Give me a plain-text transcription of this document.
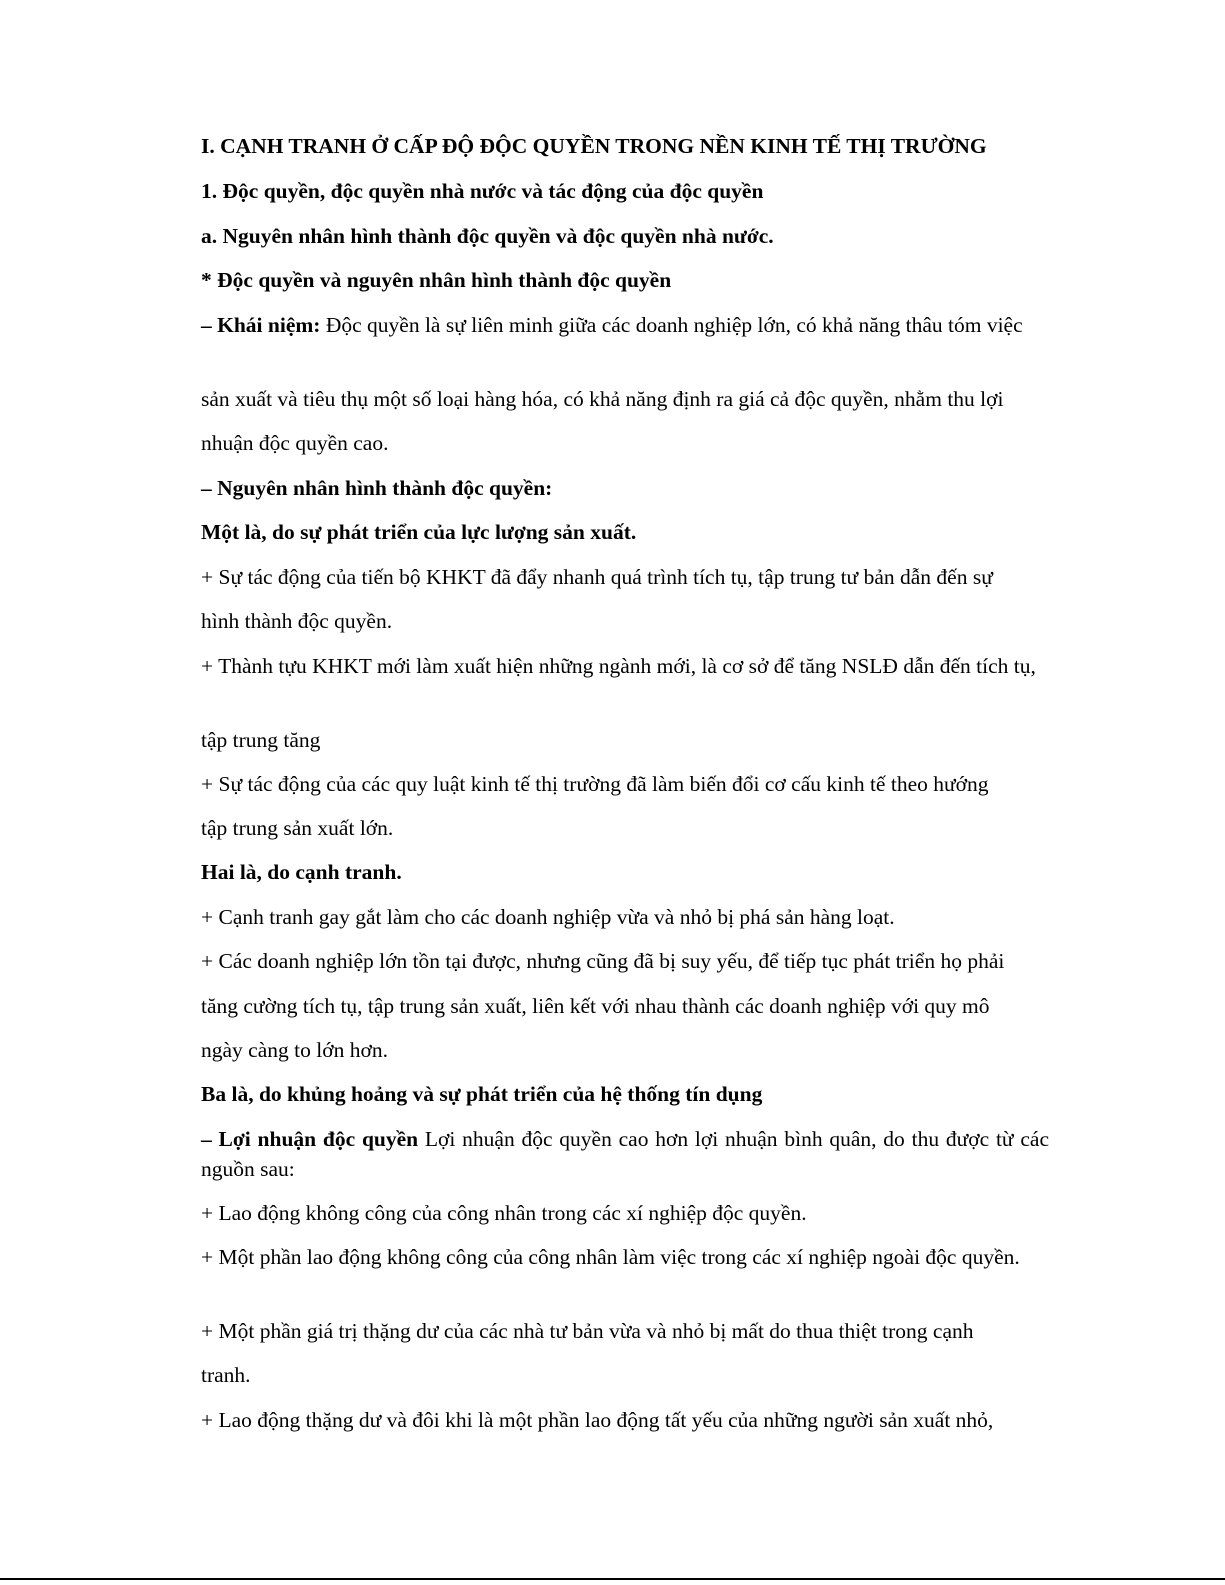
I. CẠNH TRANH Ở CẤP ĐỘ ĐỘC QUYỀN TRONG NỀN KINH TẾ THỊ TRƯỜNG

1. Độc quyền, độc quyền nhà nước và tác động của độc quyền

a. Nguyên nhân hình thành độc quyền và độc quyền nhà nước.

* Độc quyền và nguyên nhân hình thành độc quyền

– Khái niệm: Độc quyền là sự liên minh giữa các doanh nghiệp lớn, có khả năng thâu tóm việc

sản xuất và tiêu thụ một số loại hàng hóa, có khả năng định ra giá cả độc quyền, nhằm thu lợi

nhuận độc quyền cao.

– Nguyên nhân hình thành độc quyền:

Một là, do sự phát triển của lực lượng sản xuất.

+ Sự tác động của tiến bộ KHKT đã đẩy nhanh quá trình tích tụ, tập trung tư bản dẫn đến sự

hình thành độc quyền.

+ Thành tựu KHKT mới làm xuất hiện những ngành mới, là cơ sở để tăng NSLĐ dẫn đến tích tụ,

tập trung tăng

+ Sự tác động của các quy luật kinh tế thị trường đã làm biến đổi cơ cấu kinh tế theo hướng

tập trung sản xuất lớn.

Hai là, do cạnh tranh.

+ Cạnh tranh gay gắt làm cho các doanh nghiệp vừa và nhỏ bị phá sản hàng loạt.

+ Các doanh nghiệp lớn tồn tại được, nhưng cũng đã bị suy yếu, để tiếp tục phát triển họ phải

tăng cường tích tụ, tập trung sản xuất, liên kết với nhau thành các doanh nghiệp với quy mô

ngày càng to lớn hơn.

Ba là, do khủng hoảng và sự phát triển của hệ thống tín dụng

– Lợi nhuận độc quyền Lợi nhuận độc quyền cao hơn lợi nhuận bình quân, do thu được từ các nguồn sau:

+ Lao động không công của công nhân trong các xí nghiệp độc quyền.

+ Một phần lao động không công của công nhân làm việc trong các xí nghiệp ngoài độc quyền.

+ Một phần giá trị thặng dư của các nhà tư bản vừa và nhỏ bị mất do thua thiệt trong cạnh

tranh.

+ Lao động thặng dư và đôi khi là một phần lao động tất yếu của những người sản xuất nhỏ,
